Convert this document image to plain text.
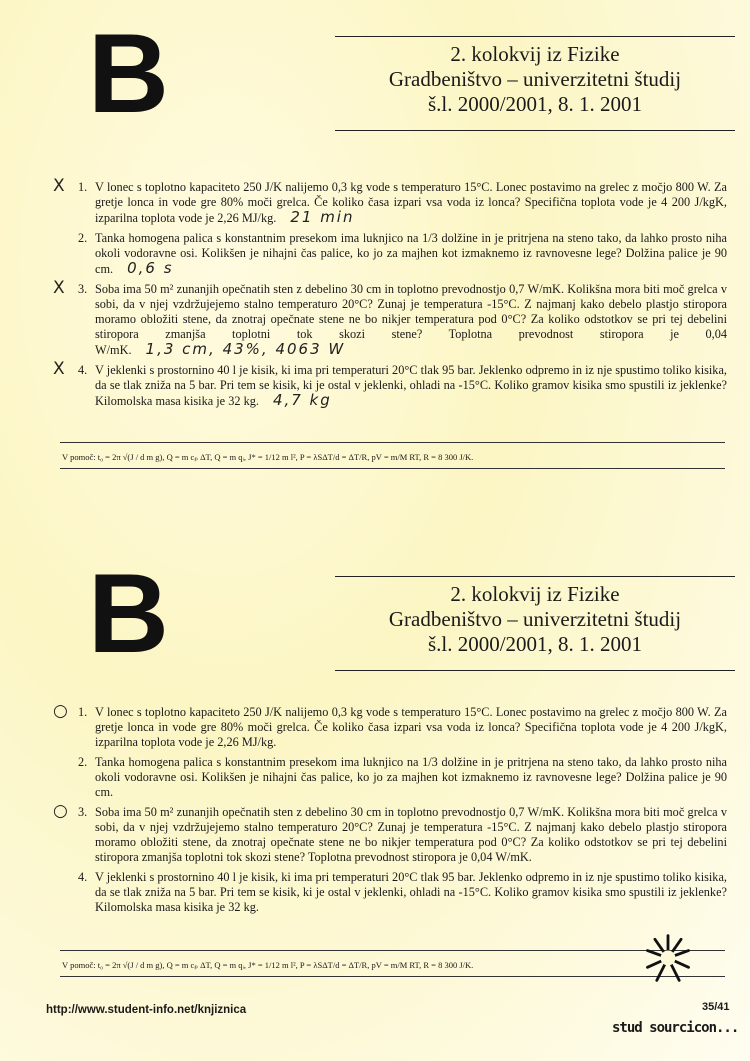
B	2. kolokvij iz Fizike
Gradbeništvo – univerzitetni študij
š.l. 2000/2001, 8. 1. 2001
1.
X V lonec s toplotno kapaciteto 250 J/K nalijemo 0,3 kg vode s temperaturo 15°C. Lonec postavimo na grelec z močjo 800 W. Za gretje lonca in vode gre 80% moči grelca. Če koliko časa izpari vsa voda iz lonca? Specifična toplota vode je 4 200 J/kgK, izparilna toplota vode je 2,26 MJ/kg. 21 min
2. Tanka homogena palica s konstantnim presekom ima luknjico na 1/3 dolžine in je pritrjena na steno tako, da lahko prosto niha okoli vodoravne osi. Kolikšen je nihajni čas palice, ko jo za majhen kot izmaknemo iz ravnovesne lege? Dolžina palice je 90 cm. 0,6 s
3.
X Soba ima 50 m² zunanjih opečnatih sten z debelino 30 cm in toplotno prevodnostjo 0,7 W/mK. Kolikšna mora biti moč grelca v sobi, da v njej vzdržujejemo stalno temperaturo 20°C? Zunaj je temperatura -15°C. Z najmanj kako debelo plastjo stiropora moramo obložiti stene, da znotraj opečnate stene ne bo nikjer temperatura pod 0°C? Za koliko odstotkov se pri tej debelini stiropora zmanjša toplotni tok skozi stene? Toplotna prevodnost stiropora je 0,04 W/mK. 1,3 cm, 43%, 4063 W
4.
X V jeklenki s prostornino 40 l je kisik, ki ima pri temperaturi 20°C tlak 95 bar. Jeklenko odpremo in iz nje spustimo toliko kisika, da se tlak zniža na 5 bar. Pri tem se kisik, ki je ostal v jeklenki, ohladi na -15°C. Koliko gramov kisika smo spustili iz jeklenke? Kilomolska masa kisika je 32 kg. 4,7 kg
V pomoč: t₀ = 2π √(J / d m g), Q = m cₚ ΔT, Q = m qᵢ, J* = 1/12 m l², P = λSΔT/d = ΔT/R, pV = m/M RT, R = 8 300 J/K.
B	2. kolokvij iz Fizike
Gradbeništvo – univerzitetni študij
š.l. 2000/2001, 8. 1. 2001
1.
○ V lonec s toplotno kapaciteto 250 J/K nalijemo 0,3 kg vode s temperaturo 15°C. Lonec postavimo na grelec z močjo 800 W. Za gretje lonca in vode gre 80% moči grelca. Če koliko časa izpari vsa voda iz lonca? Specifična toplota vode je 4 200 J/kgK, izparilna toplota vode je 2,26 MJ/kg.
2. Tanka homogena palica s konstantnim presekom ima luknjico na 1/3 dolžine in je pritrjena na steno tako, da lahko prosto niha okoli vodoravne osi. Kolikšen je nihajni čas palice, ko jo za majhen kot izmaknemo iz ravnovesne lege? Dolžina palice je 90 cm.
3.
○ Soba ima 50 m² zunanjih opečnatih sten z debelino 30 cm in toplotno prevodnostjo 0,7 W/mK. Kolikšna mora biti moč grelca v sobi, da v njej vzdržujejemo stalno temperaturo 20°C? Zunaj je temperatura -15°C. Z najmanj kako debelo plastjo stiropora moramo obložiti stene, da znotraj opečnate stene ne bo nikjer temperatura pod 0°C? Za koliko odstotkov se pri tej debelini stiropora zmanjša toplotni tok skozi stene? Toplotna prevodnost stiropora je 0,04 W/mK.
4. V jeklenki s prostornino 40 l je kisik, ki ima pri temperaturi 20°C tlak 95 bar. Jeklenko odpremo in iz nje spustimo toliko kisika, da se tlak zniža na 5 bar. Pri tem se kisik, ki je ostal v jeklenki, ohladi na -15°C. Koliko gramov kisika smo spustili iz jeklenke? Kilomolska masa kisika je 32 kg.
V pomoč: t₀ = 2π √(J / d m g), Q = m cₚ ΔT, Q = m qᵢ, J* = 1/12 m l², P = λSΔT/d = ΔT/R, pV = m/M RT, R = 8 300 J/K.
http://www.student-info.net/knjiznica	35/41
stud sourcicon...
